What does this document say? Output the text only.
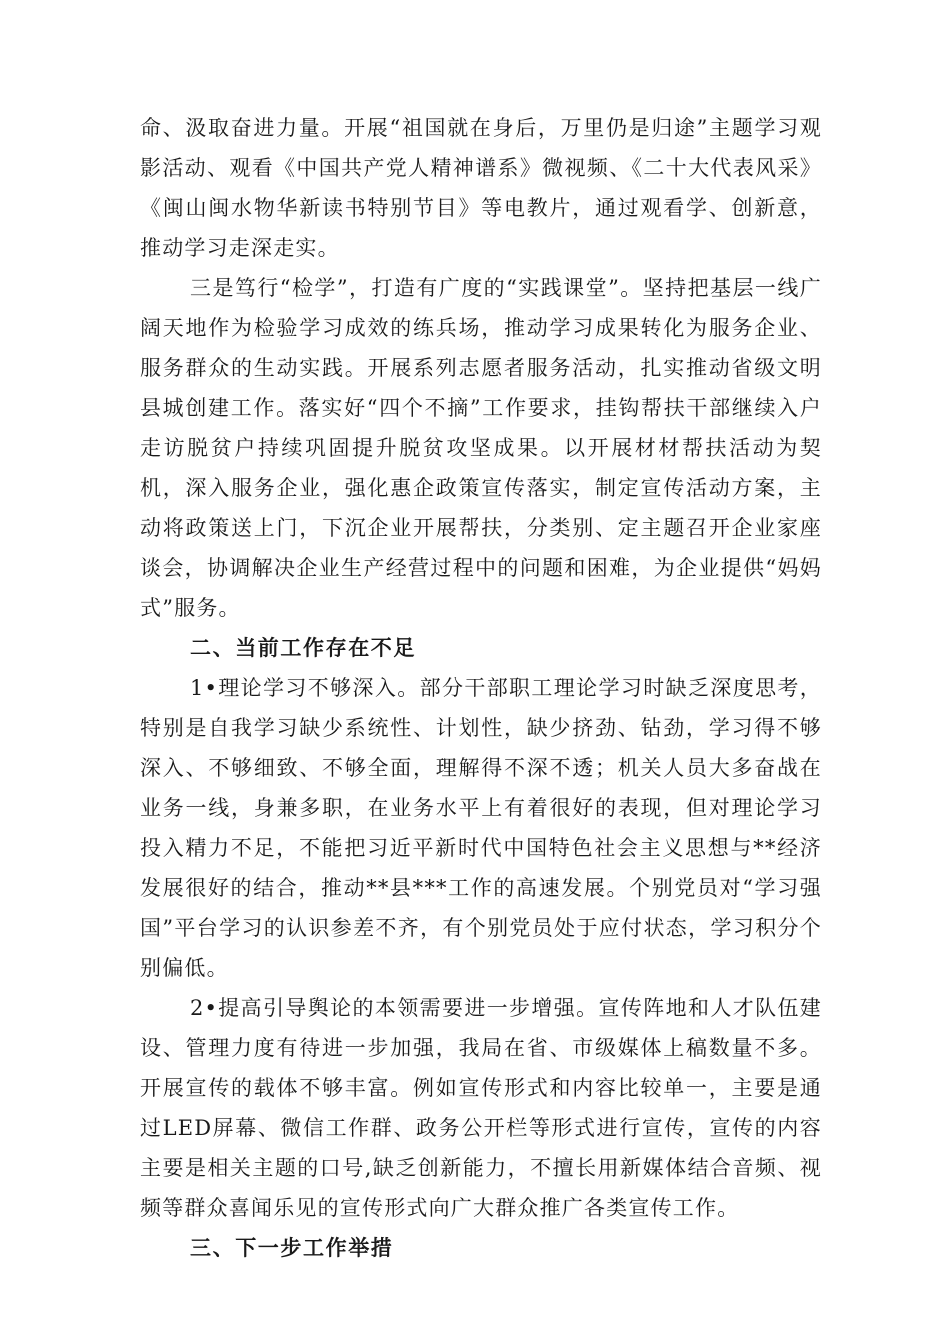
命、汲取奋进力量。开展“祖国就在身后，万里仍是归途”主题学习观影活动、观看《中国共产党人精神谱系》微视频、《二十大代表风采》《闽山闽水物华新读书特别节目》等电教片，通过观看学、创新意，推动学习走深走实。

三是笃行“检学”，打造有广度的“实践课堂”。坚持把基层一线广阔天地作为检验学习成效的练兵场，推动学习成果转化为服务企业、服务群众的生动实践。开展系列志愿者服务活动，扎实推动省级文明县城创建工作。落实好“四个不摘”工作要求，挂钩帮扶干部继续入户走访脱贫户持续巩固提升脱贫攻坚成果。以开展材材帮扶活动为契机，深入服务企业，强化惠企政策宣传落实，制定宣传活动方案，主动将政策送上门，下沉企业开展帮扶，分类别、定主题召开企业家座谈会，协调解决企业生产经营过程中的问题和困难，为企业提供“妈妈式”服务。

二、当前工作存在不足

1•理论学习不够深入。部分干部职工理论学习时缺乏深度思考，特别是自我学习缺少系统性、计划性，缺少挤劲、钻劲，学习得不够深入、不够细致、不够全面，理解得不深不透；机关人员大多奋战在业务一线，身兼多职，在业务水平上有着很好的表现，但对理论学习投入精力不足，不能把习近平新时代中国特色社会主义思想与**经济发展很好的结合，推动**县***工作的高速发展。个别党员对“学习强国”平台学习的认识参差不齐，有个别党员处于应付状态，学习积分个别偏低。

2•提高引导舆论的本领需要进一步增强。宣传阵地和人才队伍建设、管理力度有待进一步加强，我局在省、市级媒体上稿数量不多。开展宣传的载体不够丰富。例如宣传形式和内容比较单一，主要是通过LED屏幕、微信工作群、政务公开栏等形式进行宣传，宣传的内容主要是相关主题的口号,缺乏创新能力，不擅长用新媒体结合音频、视频等群众喜闻乐见的宣传形式向广大群众推广各类宣传工作。

三、下一步工作举措
